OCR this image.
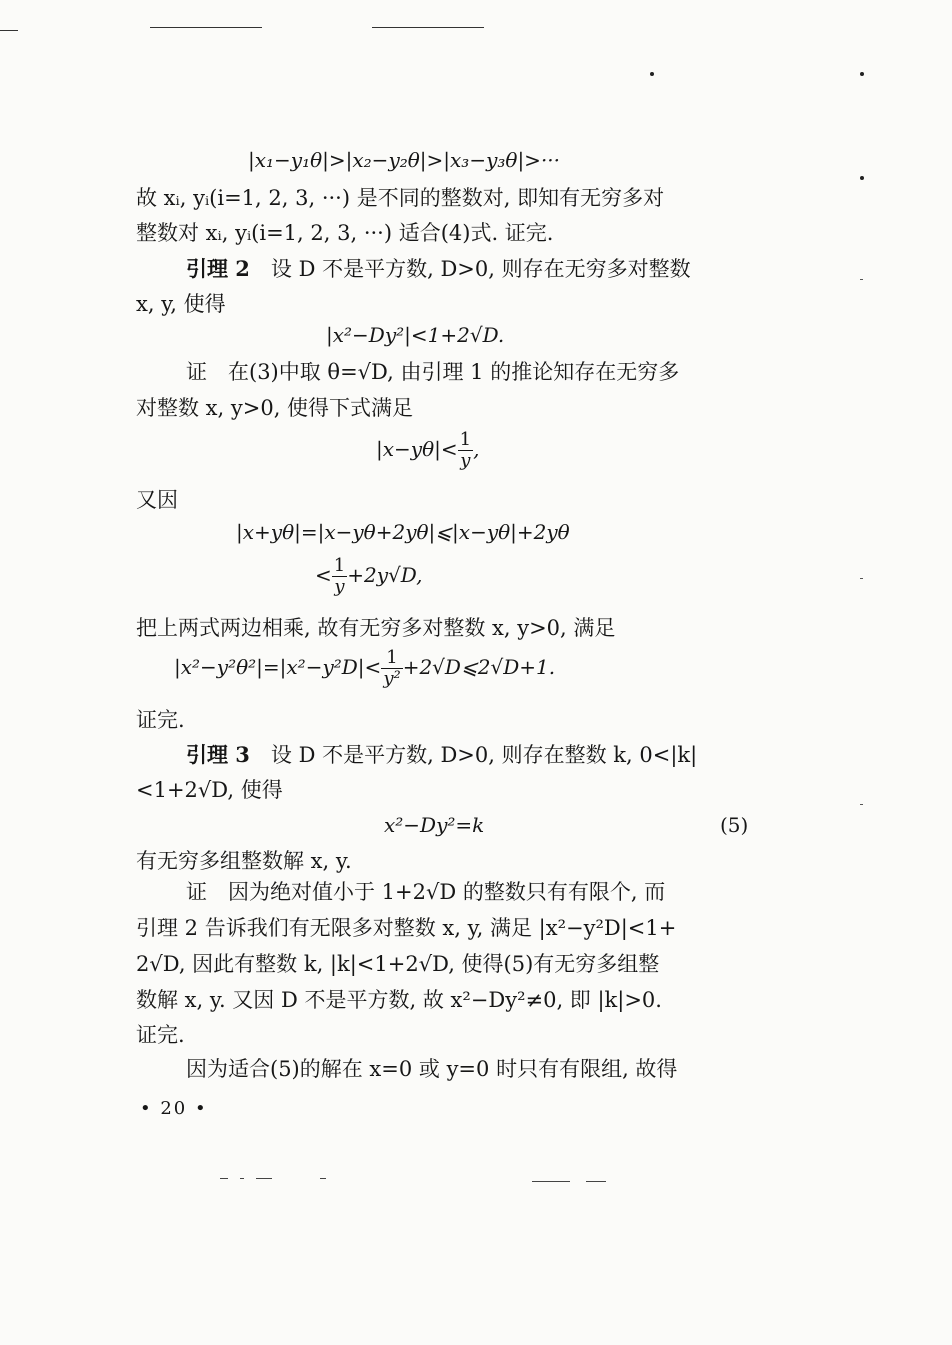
|x₁−y₁θ|>|x₂−y₂θ|>|x₃−y₃θ|>···
故 xᵢ, yᵢ(i=1, 2, 3, ···) 是不同的整数对, 即知有无穷多对
整数对 xᵢ, yᵢ(i=1, 2, 3, ···) 适合(4)式. 证完.
引理 2　设 D 不是平方数, D>0, 则存在无穷多对整数
x, y, 使得
|x²−Dy²|<1+2√D.
证　在(3)中取 θ=√D, 由引理 1 的推论知存在无穷多
对整数 x, y>0, 使得下式满足
$|x-y\theta|< \frac{1}{y}$ ,
又因
|x+yθ|=|x−yθ+2yθ|⩽|x−yθ|+2yθ
< $\frac{1}{y} +2y√D$,
把上两式两边相乘, 故有无穷多对整数 x, y>0, 满足
$|x^2-y^2\theta^2|=|x^2-y^2D|< \frac{1}{\text{y²}}$ +2√D⩽2√D+1.
证完.
引理 3　设 D 不是平方数, D>0, 则存在整数 k, 0<|k|
<1+2√D, 使得
x²−Dy²=k	(5)
有无穷多组整数解 x, y.
证　因为绝对值小于 1+2√D 的整数只有有限个, 而
引理 2 告诉我们有无限多对整数 x, y, 满足 |x²−y²D|<1+
2√D, 因此有整数 k, |k|<1+2√D, 使得(5)有无穷多组整
数解 x, y. 又因 D 不是平方数, 故 x²−Dy²≠0, 即 |k|>0.
证完.
因为适合(5)的解在 x=0 或 y=0 时只有有限组, 故得
• 20 •
